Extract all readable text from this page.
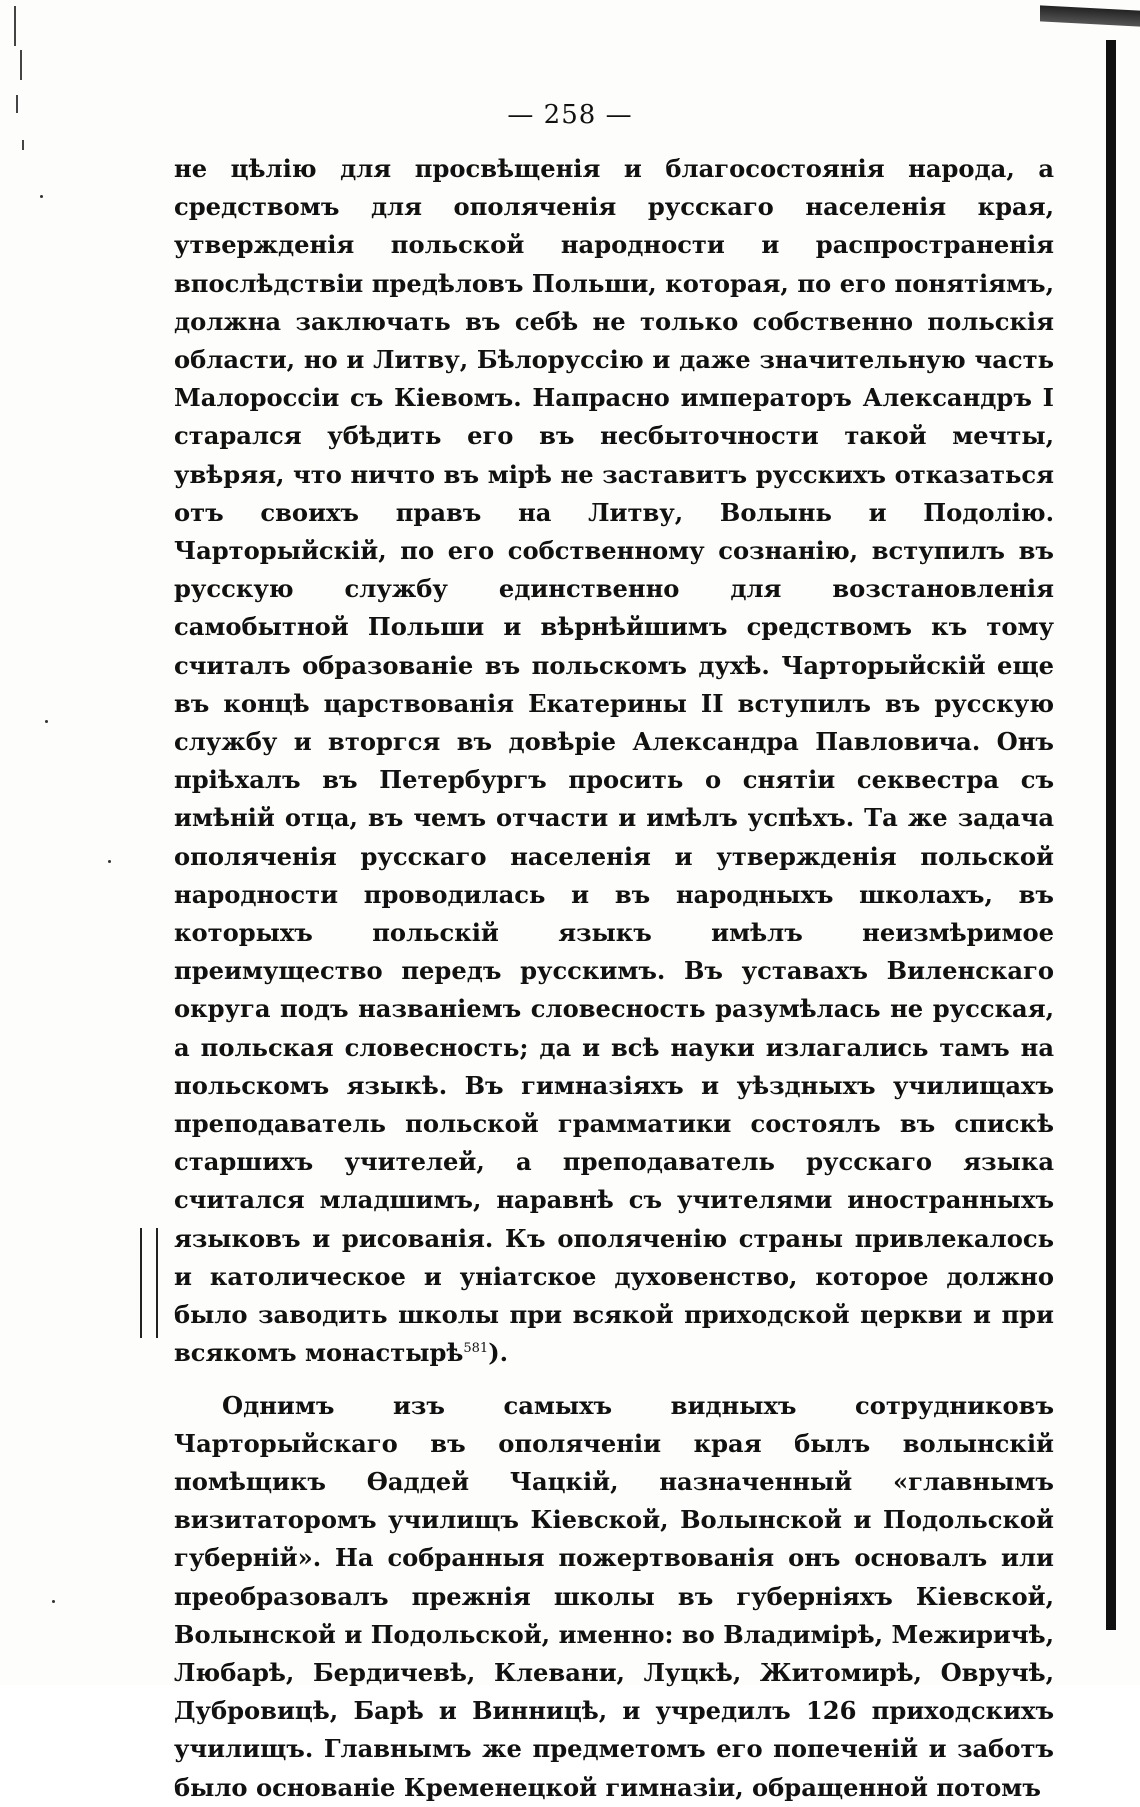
— 258 —

не цѣлію для просвѣщенія и благосостоянія народа, а средствомъ для ополяченія русскаго населенія края, утвержденія польской народности и распространенія впослѣдствіи предѣловъ Польши, которая, по его понятіямъ, должна заключать въ себѣ не только собственно польскія области, но и Литву, Бѣлоруссію и даже значительную часть Малороссіи съ Кіевомъ. Напрасно императоръ Александръ I старался убѣдить его въ несбыточности такой мечты, увѣряя, что ничто въ мірѣ не заставитъ русскихъ отказаться отъ своихъ правъ на Литву, Волынь и Подолію. Чарторыйскій, по его собственному сознанію, вступилъ въ русскую службу единственно для возстановленія самобытной Польши и вѣрнѣйшимъ средствомъ къ тому считалъ образованіе въ польскомъ духѣ. Чарторыйскій еще въ концѣ царствованія Екатерины II вступилъ въ русскую службу и вторгся въ довѣріе Александра Павловича. Онъ пріѣхалъ въ Петербургъ просить о снятіи секвестра съ имѣній отца, въ чемъ отчасти и имѣлъ успѣхъ. Та же задача ополяченія русскаго населенія и утвержденія польской народности проводилась и въ народныхъ школахъ, въ которыхъ польскій языкъ имѣлъ неизмѣримое преимущество передъ русскимъ. Въ уставахъ Виленскаго округа подъ названіемъ словесность разумѣлась не русская, а польская словесность; да и всѣ науки излагались тамъ на польскомъ языкѣ. Въ гимназіяхъ и уѣздныхъ училищахъ преподаватель польской грамматики состоялъ въ спискѣ старшихъ учителей, а преподаватель русскаго языка считался младшимъ, наравнѣ съ учителями иностранныхъ языковъ и рисованія. Къ ополяченію страны привлекалось и католическое и уніатское духовенство, которое должно было заводить школы при всякой приходской церкви и при всякомъ монастырѣ$^{581}$).

Однимъ изъ самыхъ видныхъ сотрудниковъ Чарторыйскаго въ ополяченіи края былъ волынскій помѣщикъ Ѳаддей Чацкій, назначенный «главнымъ визитаторомъ училищъ Кіевской, Волынской и Подольской губерній». На собранныя пожертвованія онъ основалъ или преобразовалъ прежнія школы въ губерніяхъ Кіевской, Волынской и Подольской, именно: во Владимірѣ, Межиричѣ, Любарѣ, Бердичевѣ, Клевани, Луцкѣ, Житомирѣ, Овручѣ, Дубровицѣ, Барѣ и Винницѣ, и учредилъ 126 приходскихъ училищъ. Главнымъ же предметомъ его попеченій и заботъ было основаніе Кременецкой гимназіи, обращенной потомъ
